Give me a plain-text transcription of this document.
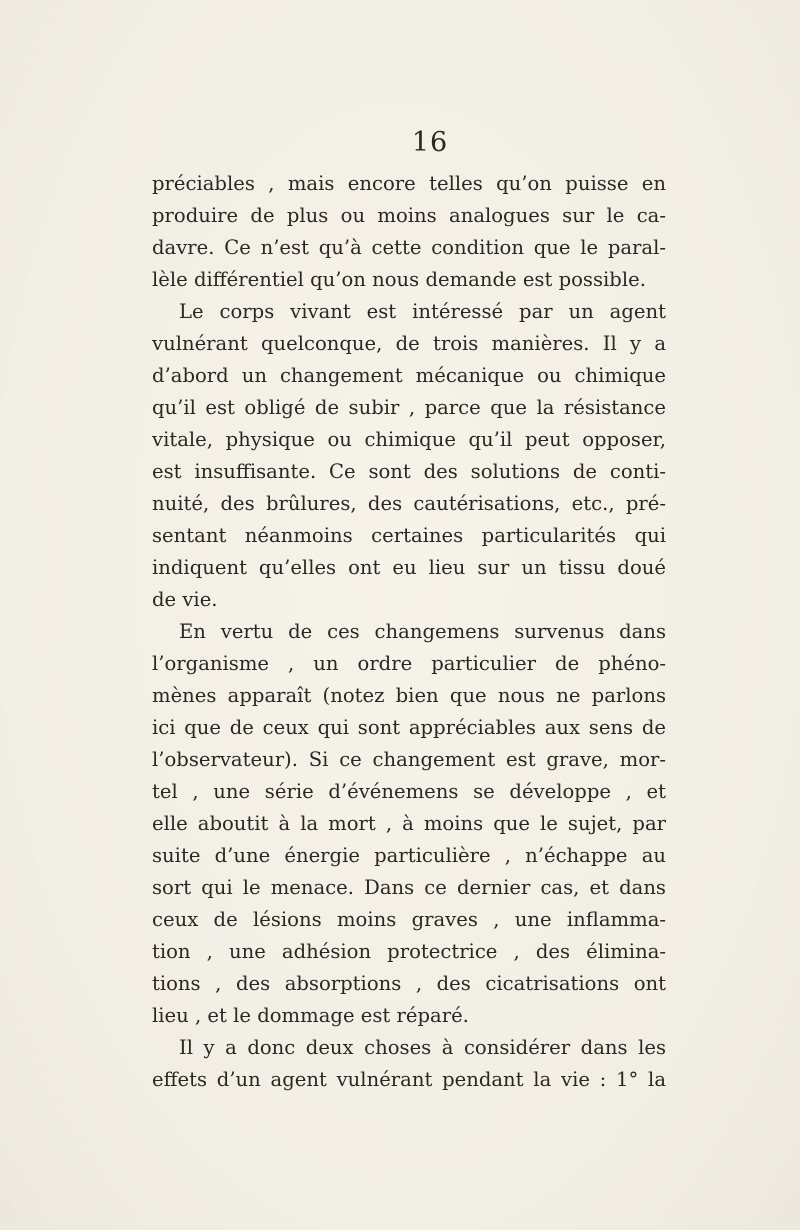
16
préciables , mais encore telles qu’on puisse en
produire de plus ou moins analogues sur le ca-
davre. Ce n’est qu’à cette condition que le paral-
lèle différentiel qu’on nous demande est possible.
Le corps vivant est intéressé par un agent
vulnérant quelconque, de trois manières. Il y a
d’abord un changement mécanique ou chimique
qu’il est obligé de subir , parce que la résistance
vitale, physique ou chimique qu’il peut opposer,
est insuffisante. Ce sont des solutions de conti-
nuité, des brûlures, des cautérisations, etc., pré-
sentant néanmoins certaines particularités qui
indiquent qu’elles ont eu lieu sur un tissu doué
de vie.
En vertu de ces changemens survenus dans
l’organisme , un ordre particulier de phéno-
mènes apparaît (notez bien que nous ne parlons
ici que de ceux qui sont appréciables aux sens de
l’observateur). Si ce changement est grave, mor-
tel , une série d’événemens se développe , et
elle aboutit à la mort , à moins que le sujet, par
suite d’une énergie particulière , n’échappe au
sort qui le menace. Dans ce dernier cas, et dans
ceux de lésions moins graves , une inflamma-
tion , une adhésion protectrice , des élimina-
tions , des absorptions , des cicatrisations ont
lieu , et le dommage est réparé.
Il y a donc deux choses à considérer dans les
effets d’un agent vulnérant pendant la vie : 1° la
